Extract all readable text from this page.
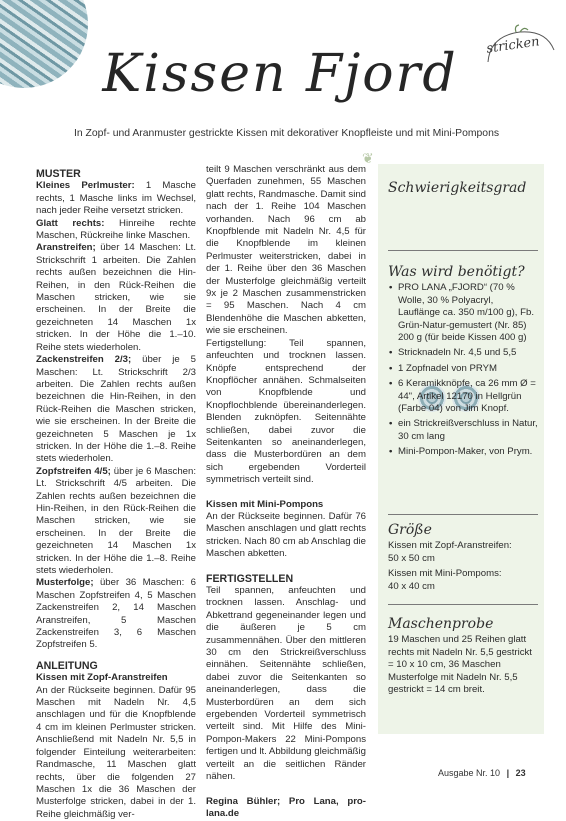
stricken
Kissen Fjord
In Zopf- und Aranmuster gestrickte Kissen mit dekorativer Knopfleiste und mit Mini-Pompons
❦

MUSTER

Kleines Perlmuster: 1 Masche rechts, 1 Masche links im Wechsel, nach jeder Reihe versetzt stricken.

Glatt rechts: Hinreihe rechte Maschen, Rückreihe linke Maschen.

Aranstreifen; über 14 Maschen: Lt. Strickschrift 1 arbeiten. Die Zahlen rechts außen bezeichnen die Hin-Reihen, in den Rück-Reihen die Maschen stricken, wie sie erscheinen. In der Breite die gezeichneten 14 Maschen 1x stricken. In der Höhe die 1.–10. Reihe stets wiederholen.

Zackenstreifen 2/3; über je 5 Maschen: Lt. Strickschrift 2/3 arbeiten. Die Zahlen rechts außen bezeichnen die Hin-Reihen, in den Rück-Reihen die Maschen stricken, wie sie erscheinen. In der Breite die gezeichneten 5 Maschen je 1x stricken. In der Höhe die 1.–8. Reihe stets wiederholen.

Zopfstreifen 4/5; über je 6 Maschen: Lt. Strickschrift 4/5 arbeiten. Die Zahlen rechts außen bezeichnen die Hin-Reihen, in den Rück-Reihen die Maschen stricken, wie sie erscheinen. In der Breite die gezeichneten 14 Maschen 1x stricken. In der Höhe die 1.–8. Reihe stets wiederholen.

Musterfolge; über 36 Maschen: 6 Maschen Zopfstreifen 4, 5 Maschen Zackenstreifen 2, 14 Maschen Aranstreifen, 5 Maschen Zackenstreifen 3, 6 Maschen Zopfstreifen 5.

ANLEITUNG

Kissen mit Zopf-Aranstreifen

An der Rückseite beginnen. Dafür 95 Maschen mit Nadeln Nr. 4,5 anschlagen und für die Knopfblende 4 cm im kleinen Perlmuster stricken. Anschließend mit Nadeln Nr. 5,5 in folgender Einteilung weiterarbeiten: Randmasche, 11 Maschen glatt rechts, über die folgenden 27 Maschen 1x die 36 Maschen der Musterfolge stricken, dabei in der 1. Reihe gleichmäßig ver-

teilt 9 Maschen verschränkt aus dem Querfaden zunehmen, 55 Maschen glatt rechts, Randmasche. Damit sind nach der 1. Reihe 104 Maschen vorhanden. Nach 96 cm ab Knopfblende mit Nadeln Nr. 4,5 für die Knopfblende im kleinen Perlmuster weiterstricken, dabei in der 1. Reihe über den 36 Maschen der Musterfolge gleichmäßig verteilt 9x je 2 Maschen zusammenstricken = 95 Maschen. Nach 4 cm Blendenhöhe die Maschen abketten, wie sie erscheinen.

Fertigstellung: Teil spannen, anfeuchten und trocknen lassen. Knöpfe entsprechend der Knopflöcher annähen. Schmalseiten von Knopfblende und Knopflochblende übereinanderlegen. Blenden zuknöpfen. Seitennähte schließen, dabei zuvor die Seitenkanten so aneinanderlegen, dass die Musterbordüren an dem sich ergebenden Vorderteil symmetrisch verteilt sind.

Kissen mit Mini-Pompons

An der Rückseite beginnen. Dafür 76 Maschen anschlagen und glatt rechts stricken. Nach 80 cm ab Anschlag die Maschen abketten.

FERTIGSTELLEN

Teil spannen, anfeuchten und trocknen lassen. Anschlag- und Abkettrand gegeneinander legen und die äußeren je 5 cm zusammennähen. Über den mittleren 30 cm den Strickreißverschluss einnähen. Seitennähte schließen, dabei zuvor die Seitenkanten so aneinanderlegen, dass die Musterbordüren an dem sich ergebenden Vorderteil symmetrisch verteilt sind. Mit Hilfe des Mini-Pompon-Makers 22 Mini-Pompons fertigen und lt. Abbildung gleichmäßig verteilt an die seitlichen Ränder nähen.

Regina Bühler; Pro Lana, pro-lana.de

Schwierigkeitsgrad

Was wird benötigt?

• PRO LANA „FJORD“ (70 % Wolle, 30 % Polyacryl, Lauflänge ca. 350 m/100 g), Fb. Grün-Natur-gemustert (Nr. 85) 200 g (für beide Kissen 400 g)
• Stricknadeln Nr. 4,5 und 5,5
• 1 Zopfnadel von PRYM
• 6 Keramikknöpfe, ca 26 mm Ø = 44", Artikel 12170 in Hellgrün (Farbe 04) von Jim Knopf.
• ein Strickreißverschluss in Natur, 30 cm lang
• Mini-Pompon-Maker, von Prym.

Größe

Kissen mit Zopf-Aranstreifen:

50 x 50 cm

Kissen mit Mini-Pompoms:

40 x 40 cm

Maschenprobe

19 Maschen und 25 Reihen glatt rechts mit Nadeln Nr. 5,5 gestrickt = 10 x 10 cm, 36 Maschen Musterfolge mit Nadeln Nr. 5,5 gestrickt = 14 cm breit.

Ausgabe Nr. 10 | 23
